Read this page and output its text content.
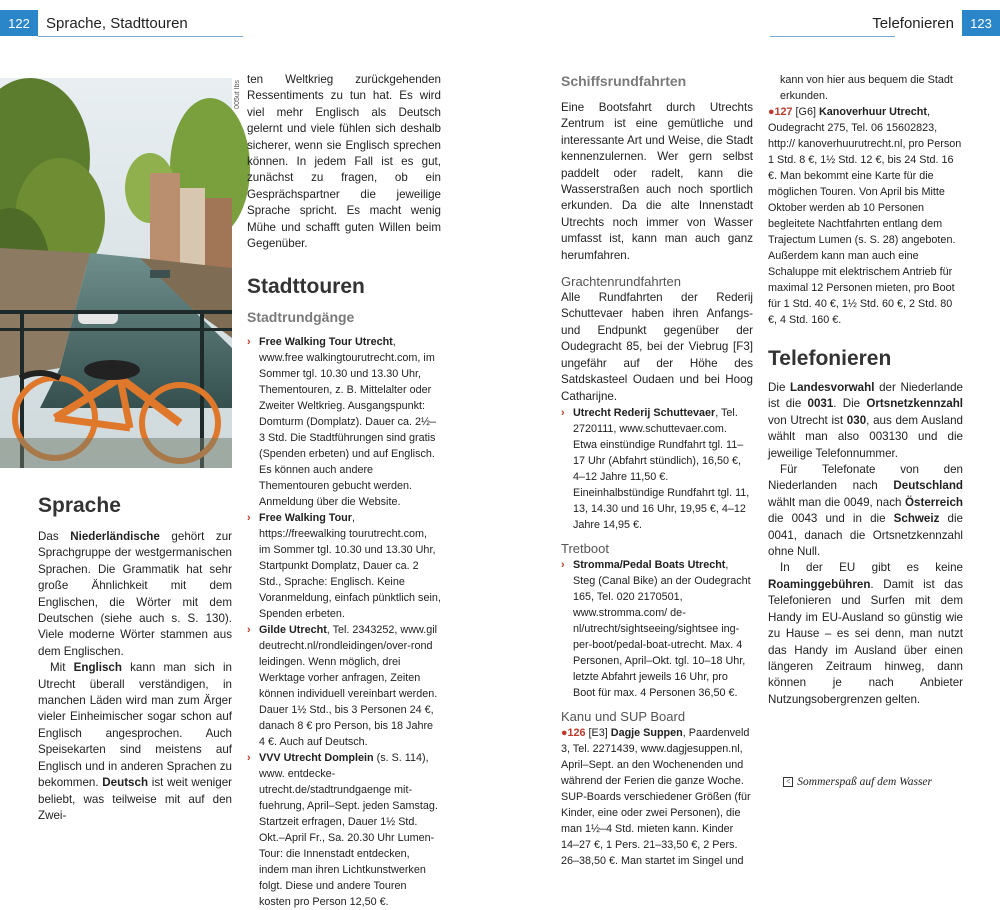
122	Sprache, Stadttouren	Telefonieren	123
005ut Ibs
Sprache

Das Niederländische gehört zur Sprachgruppe der westgermanischen Sprachen. Die Grammatik hat sehr große Ähnlichkeit mit dem Englischen, die Wörter mit dem Deutschen (siehe auch s. S. 130). Viele moderne Wörter stammen aus dem Englischen.

Mit Englisch kann man sich in Utrecht überall verständigen, in manchen Läden wird man zum Ärger vieler Einheimischer sogar schon auf Englisch angesprochen. Auch Speisekarten sind meistens auf Englisch und in anderen Sprachen zu bekommen. Deutsch ist weit weniger beliebt, was teilweise mit auf den Zwei-

ten Weltkrieg zurückgehenden Ressentiments zu tun hat. Es wird viel mehr Englisch als Deutsch gelernt und viele fühlen sich deshalb sicherer, wenn sie Englisch sprechen können. In jedem Fall ist es gut, zunächst zu fragen, ob ein Gesprächspartner die jeweilige Sprache spricht. Es macht wenig Mühe und schafft guten Willen beim Gegenüber.

Stadttouren
Stadtrundgänge
› Free Walking Tour Utrecht, www.free walkingtourutrecht.com, im Sommer tgl. 10.30 und 13.30 Uhr, Thementouren, z. B. Mittelalter oder Zweiter Weltkrieg. Ausgangspunkt: Domturm (Domplatz). Dauer ca. 2½–3 Std. Die Stadtführungen sind gratis (Spenden erbeten) und auf Englisch. Es können auch andere Thementouren gebucht werden. Anmeldung über die Website.
› Free Walking Tour, https://freewalking tourutrecht.com, im Sommer tgl. 10.30 und 13.30 Uhr, Startpunkt Domplatz, Dauer ca. 2 Std., Sprache: Englisch. Keine Voranmeldung, einfach pünktlich sein, Spenden erbeten.
› Gilde Utrecht, Tel. 2343252, www.gil deutrecht.nl/rondleidingen/over-rond leidingen. Wenn möglich, drei Werktage vorher anfragen, Zeiten können individuell vereinbart werden. Dauer 1½ Std., bis 3 Personen 24 €, danach 8 € pro Person, bis 18 Jahre 4 €. Auch auf Deutsch.
› VVV Utrecht Domplein (s. S. 114), www. entdecke-utrecht.de/stadtrundgaenge mit-fuehrung, April–Sept. jeden Samstag. Startzeit erfragen, Dauer 1½ Std. Okt.–April Fr., Sa. 20.30 Uhr Lumen-Tour: die Innenstadt entdecken, indem man ihren Lichtkunstwerken folgt. Diese und andere Touren kosten pro Person 12,50 €.
Schiffsrundfahrten

Eine Bootsfahrt durch Utrechts Zentrum ist eine gemütliche und interessante Art und Weise, die Stadt kennenzulernen. Wer gern selbst paddelt oder radelt, kann die Wasserstraßen auch noch sportlich erkunden. Da die alte Innenstadt Utrechts noch immer von Wasser umfasst ist, kann man auch ganz herumfahren.

Grachtenrundfahrten

Alle Rundfahrten der Rederij Schuttevaer haben ihren Anfangs- und Endpunkt gegenüber der Oudegracht 85, bei der Viebrug [F3] ungefähr auf der Höhe des Satdskasteel Oudaen und bei Hoog Catharijne.

› Utrecht Rederij Schuttevaer, Tel. 2720111, www.schuttevaer.com. Etwa einstündige Rundfahrt tgl. 11–17 Uhr (Abfahrt stündlich), 16,50 €, 4–12 Jahre 11,50 €. Eineinhalbstündige Rundfahrt tgl. 11, 13, 14.30 und 16 Uhr, 19,95 €, 4–12 Jahre 14,95 €.
Tretboot
› Stromma/Pedal Boats Utrecht, Steg (Canal Bike) an der Oudegracht 165, Tel. 020 2170501, www.stromma.com/ de-nl/utrecht/sightseeing/sightsee ing-per-boot/pedal-boat-utrecht. Max. 4 Personen, April–Okt. tgl. 10–18 Uhr, letzte Abfahrt jeweils 16 Uhr, pro Boot für max. 4 Personen 36,50 €.
Kanu und SUP Board
●126 [E3] Dagje Suppen, Paardenveld 3, Tel. 2271439, www.dagjesuppen.nl, April–Sept. an den Wochenenden und während der Ferien die ganze Woche. SUP-Boards verschiedener Größen (für Kinder, eine oder zwei Personen), die man 1½–4 Std. mieten kann. Kinder 14–27 €, 1 Pers. 21–33,50 €, 2 Pers. 26–38,50 €. Man startet im Singel und
kann von hier aus bequem die Stadt erkunden.
●127 [G6] Kanoverhuur Utrecht, Oudegracht 275, Tel. 06 15602823, http:// kanoverhuurutrecht.nl, pro Person 1 Std. 8 €, 1½ Std. 12 €, bis 24 Std. 16 €. Man bekommt eine Karte für die möglichen Touren. Von April bis Mitte Oktober werden ab 10 Personen begleitete Nachtfahrten entlang dem Trajectum Lumen (s. S. 28) angeboten. Außerdem kann man auch eine Schaluppe mit elektrischem Antrieb für maximal 12 Personen mieten, pro Boot für 1 Std. 40 €, 1½ Std. 60 €, 2 Std. 80 €, 4 Std. 160 €.
Telefonieren

Die Landesvorwahl der Niederlande ist die 0031. Die Ortsnetzkennzahl von Utrecht ist 030, aus dem Ausland wählt man also 003130 und die jeweilige Telefonnummer.

Für Telefonate von den Niederlanden nach Deutschland wählt man die 0049, nach Österreich die 0043 und in die Schweiz die 0041, danach die Ortsnetzkennzahl ohne Null.

In der EU gibt es keine Roaminggebühren. Damit ist das Telefonieren und Surfen mit dem Handy im EU-Ausland so günstig wie zu Hause – es sei denn, man nutzt das Handy im Ausland über einen längeren Zeitraum hinweg, dann können je nach Anbieter Nutzungsobergrenzen gelten.

< Sommerspaß auf dem Wasser
